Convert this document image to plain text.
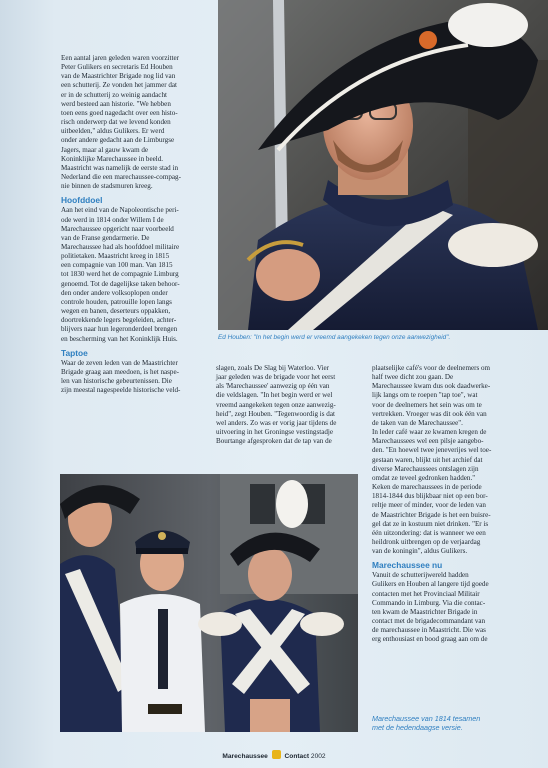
Een aantal jaren geleden waren voorzitter

Peter Gulikers en secretaris Ed Houben

van de Maastrichter Brigade nog lid van

een schutterij. Ze vonden het jammer dat

er in de schutterij zo weinig aandacht

werd besteed aan historie. "We hebben

toen eens goed nagedacht over een histo-

risch onderwerp dat we levend konden

uitbeelden," aldus Gulikers. Er werd

onder andere gedacht aan de Limburgse

Jagers, maar al gauw kwam de

Koninklijke Marechaussee in beeld.

Maastricht was namelijk de eerste stad in

Nederland die een marechaussee-compag-

nie binnen de stadsmuren kreeg.

Hoofddoel

Aan het eind van de Napoleontische peri-

ode werd in 1814 onder Willem I de

Marechaussee opgericht naar voorbeeld

van de Franse gendarmerie. De

Marechaussee had als hoofddoel militaire

politietaken. Maastricht kreeg in 1815

een compagnie van 100 man. Van 1815

tot 1830 werd het de compagnie Limburg

genoemd. Tot de dagelijkse taken behoor-

den onder andere volksoplopen onder

controle houden, patrouille lopen langs

wegen en banen, deserteurs oppakken,

doortrekkende legers begeleiden, achter-

blijvers naar hun legeronderdeel brengen

en bescherming van het Koninklijk Huis.

Taptoe

Waar de zeven leden van de Maastrichter

Brigade graag aan meedoen, is het naspe-

len van historische gebeurtenissen. Die

zijn meestal nagespeelde historische veld-

Ed Houben: "In het begin werd er vreemd aangekeken tegen onze aanwezigheid".

slagen, zoals De Slag bij Waterloo. Vier

jaar geleden was de brigade voor het eerst

als 'Marechaussee' aanwezig op één van

die veldslagen. "In het begin werd er wel

vreemd aangekeken tegen onze aanwezig-

heid", zegt Houben. "Tegenwoordig is dat

wel anders. Zo was er vorig jaar tijdens de

uitvoering in het Groningse vestingstadje

Bourtange afgesproken dat de tap van de

plaatselijke café's voor de deelnemers om

half twee dicht zou gaan. De

Marechaussee kwam dus ook daadwerke-

lijk langs om te roepen "tap toe", wat

voor de deelnemers het sein was om te

vertrekken. Vroeger was dit ook één van

de taken van de Marechaussee".

In leder café waar ze kwamen kregen de

Marechaussees wel een pilsje aangebo-

den. "En hoewel twee jeneverijes wel toe-

gestaan waren, blijkt uit het archief dat

diverse Marechaussees ontslagen zijn

omdat ze teveel gedronken hadden."

Keken de marechaussees in de periode

1814-1844 dus blijkbaar niet op een bor-

reltje meer of minder, voor de leden van

de Maastrichter Brigade is het een buisre-

gel dat ze in kostuum niet drinken. "Er is

één uitzondering: dat is wanneer we een

heildronk uitbrengen op de verjaardag

van de koningin", aldus Gulikers.

Marechaussee nu

Vanuit de schutterijwereld hadden

Gulikers en Houben al langere tijd goede

contacten met het Provinciaal Militair

Commando in Limburg. Via die contac-

ten kwam de Maastrichter Brigade in

contact met de brigadecommandant van

de marechaussee in Maastricht. Die was

erg enthousiast en bood graag aan om de

Marechaussee van 1814 tesamen
met de hedendaagse versie.
Marechaussee	Contact 2002
